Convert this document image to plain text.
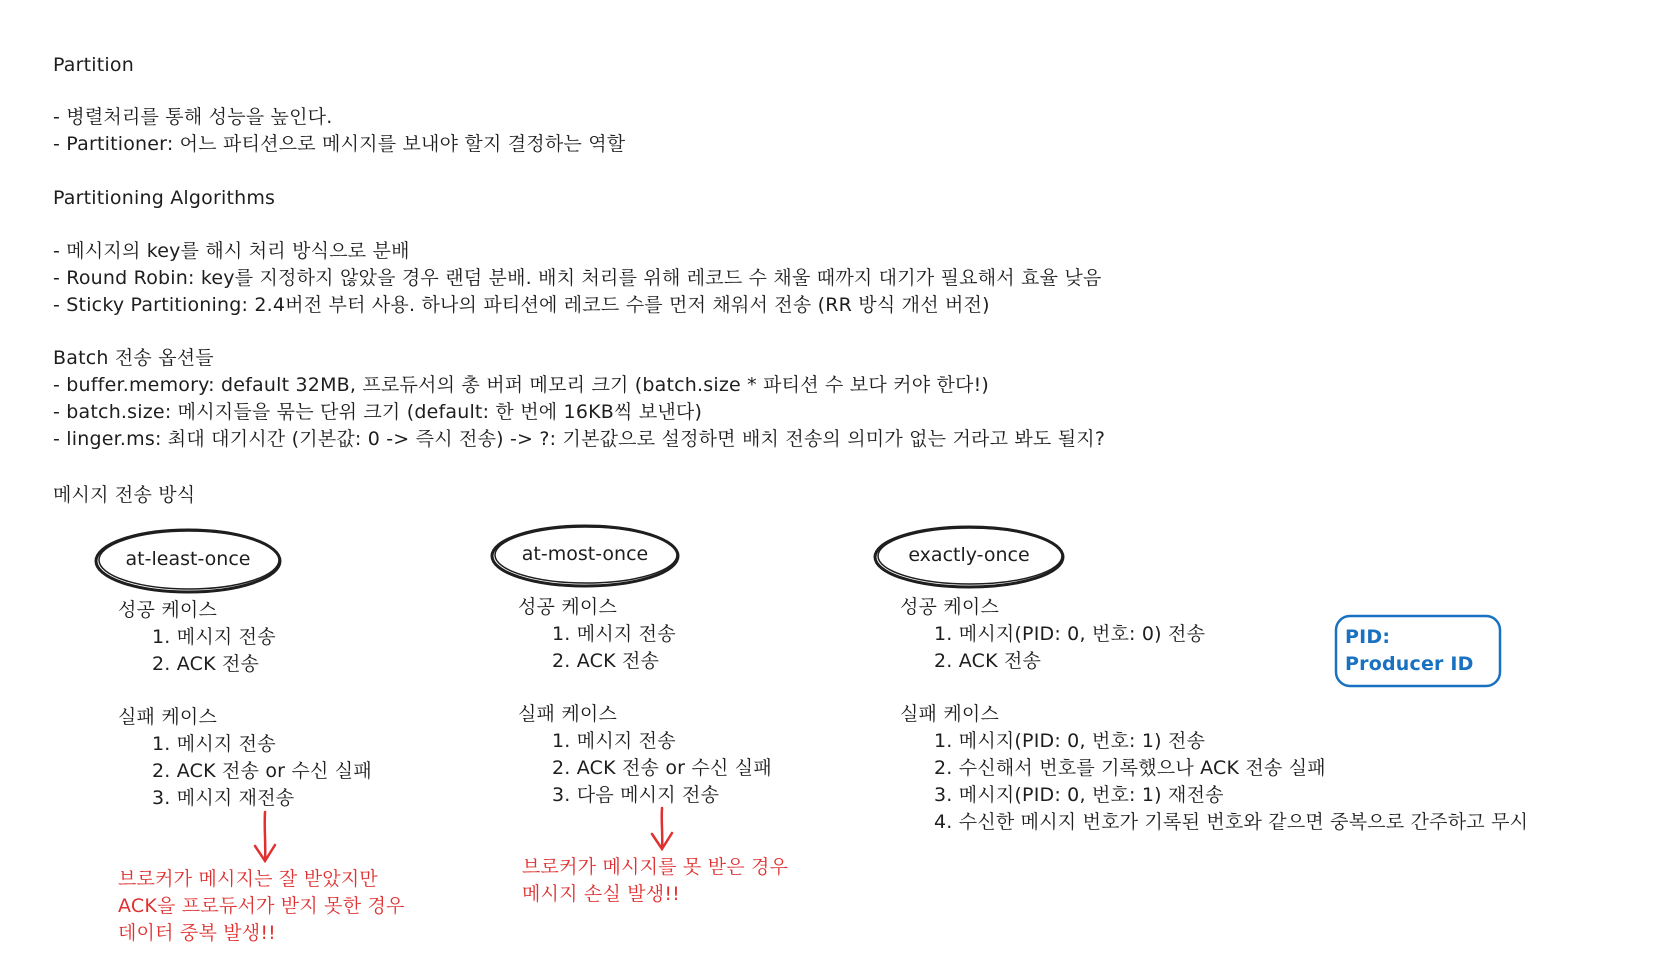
Partition
- 병렬처리를 통해 성능을 높인다.
- Partitioner: 어느 파티션으로 메시지를 보내야 할지 결정하는 역할
Partitioning Algorithms
- 메시지의 key를 해시 처리 방식으로 분배
- Round Robin: key를 지정하지 않았을 경우 랜덤 분배. 배치 처리를 위해 레코드 수 채울 때까지 대기가 필요해서 효율 낮음
- Sticky Partitioning: 2.4버전 부터 사용. 하나의 파티션에 레코드 수를 먼저 채워서 전송 (RR 방식 개선 버전)
Batch 전송 옵션들
- buffer.memory: default 32MB, 프로듀서의 총 버퍼 메모리 크기 (batch.size * 파티션 수 보다 커야 한다!)
- batch.size: 메시지들을 묶는 단위 크기 (default: 한 번에 16KB씩 보낸다)
- linger.ms: 최대 대기시간 (기본값: 0 -> 즉시 전송) -> ?: 기본값으로 설정하면 배치 전송의 의미가 없는 거라고 봐도 될지?
메시지 전송 방식
at-least-once
성공 케이스
1. 메시지 전송
2. ACK 전송
실패 케이스
1. 메시지 전송
2. ACK 전송 or 수신 실패
3. 메시지 재전송
브로커가 메시지는 잘 받았지만
ACK을 프로듀서가 받지 못한 경우
데이터 중복 발생!!
at-most-once
성공 케이스
1. 메시지 전송
2. ACK 전송
실패 케이스
1. 메시지 전송
2. ACK 전송 or 수신 실패
3. 다음 메시지 전송
브로커가 메시지를 못 받은 경우
메시지 손실 발생!!
exactly-once
성공 케이스
1. 메시지(PID: 0, 번호: 0) 전송
2. ACK 전송
실패 케이스
1. 메시지(PID: 0, 번호: 1) 전송
2. 수신해서 번호를 기록했으나 ACK 전송 실패
3. 메시지(PID: 0, 번호: 1) 재전송
4. 수신한 메시지 번호가 기록된 번호와 같으면 중복으로 간주하고 무시
PID:
Producer ID
